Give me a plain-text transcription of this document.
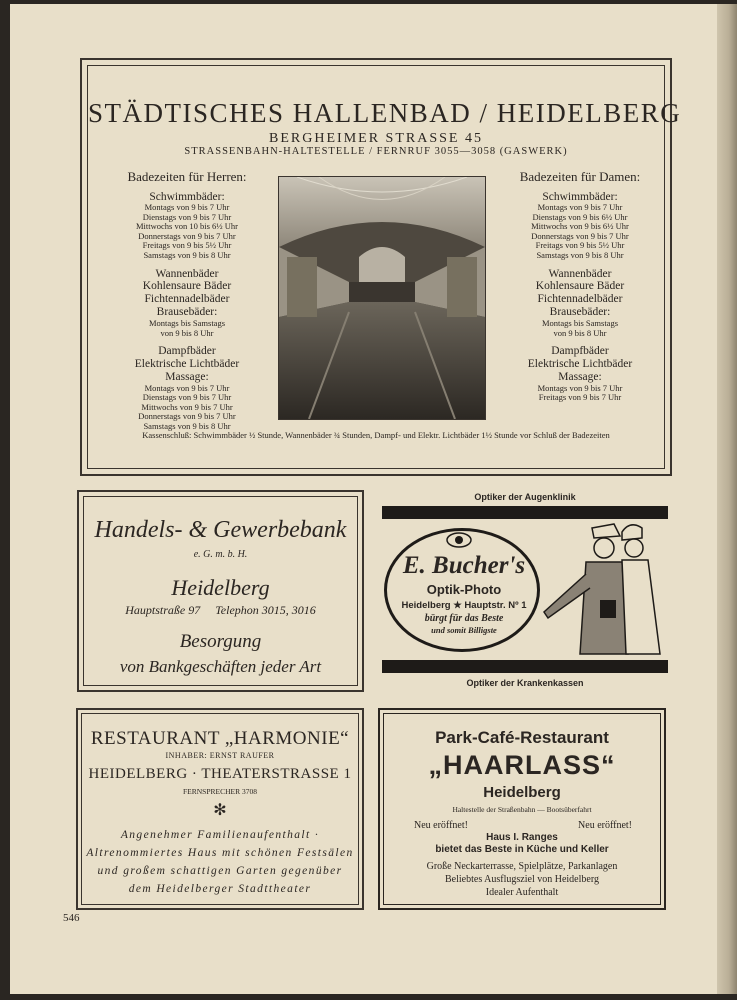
STÄDTISCHES HALLENBAD / HEIDELBERG
BERGHEIMER STRASSE 45
STRASSENBAHN-HALTESTELLE / FERNRUF 3055—3058 (GASWERK)
Badezeiten für Herren:
Schwimmbäder:
Montags von 9 bis 7 Uhr
Dienstags von 9 bis 7 Uhr
Mittwochs von 10 bis 6½ Uhr
Donnerstags von 9 bis 7 Uhr
Freitags von 9 bis 5½ Uhr
Samstags von 9 bis 8 Uhr
Wannenbäder
Kohlensaure Bäder
Fichtennadelbäder
Brausebäder:
Montags bis Samstags
von 9 bis 8 Uhr
Dampfbäder
Elektrische Lichtbäder
Massage:
Montags von 9 bis 7 Uhr
Dienstags von 9 bis 7 Uhr
Mittwochs von 9 bis 7 Uhr
Donnerstags von 9 bis 7 Uhr
Samstags von 9 bis 8 Uhr
Badezeiten für Damen:
Schwimmbäder:
Montags von 9 bis 7 Uhr
Dienstags von 9 bis 6½ Uhr
Mittwochs von 9 bis 6½ Uhr
Donnerstags von 9 bis 7 Uhr
Freitags von 9 bis 5½ Uhr
Samstags von 9 bis 8 Uhr
Wannenbäder
Kohlensaure Bäder
Fichtennadelbäder
Brausebäder:
Montags bis Samstags
von 9 bis 8 Uhr
Dampfbäder
Elektrische Lichtbäder
Massage:
Montags von 9 bis 7 Uhr
Freitags von 9 bis 7 Uhr
Kassenschluß: Schwimmbäder ½ Stunde, Wannenbäder ¾ Stunden, Dampf- und Elektr. Lichtbäder 1½ Stunde vor Schluß der Badezeiten
Handels- & Gewerbebank
e. G. m. b. H.
Heidelberg
Hauptstraße 97     Telephon 3015, 3016
Besorgung
von Bankgeschäften jeder Art
Optiker der Augenklinik
E. Bucher's
Optik-Photo
Heidelberg ★ Hauptstr. Nº 1
bürgt für das Beste
und somit Billigste
Optiker der Krankenkassen
RESTAURANT „HARMONIE“
INHABER: ERNST RAUFER
HEIDELBERG · THEATERSTRASSE 1
FERNSPRECHER 3708
✻
Angenehmer Familienaufenthalt ·
Altrenommiertes Haus mit schönen Festsälen
und großem schattigen Garten gegenüber
dem Heidelberger Stadttheater
Park-Café-Restaurant
„HAARLASS“
Heidelberg
Haltestelle der Straßenbahn — Bootsüberfahrt
Neu eröffnet!	Neu eröffnet!
Haus I. Ranges
bietet das Beste in Küche und Keller
Große Neckarterrasse, Spielplätze, Parkanlagen
Beliebtes Ausflugsziel von Heidelberg
Idealer Aufenthalt
546
